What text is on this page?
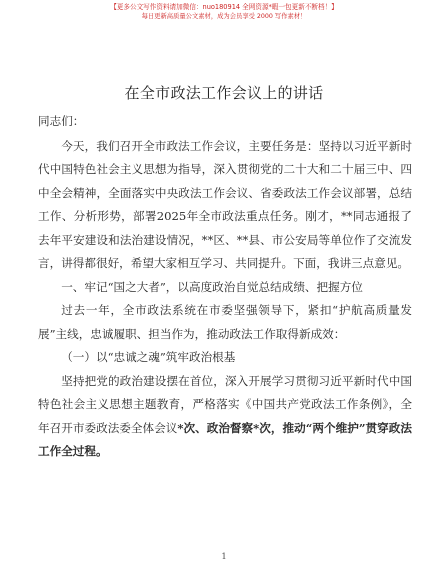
【更多公文写作资料请加微信：nuo180914 全网资源*暇一包更新不断档！】
每日更新高质量公文素材，成为会员享受 2000 写作素材！
在全市政法工作会议上的讲话

同志们：

今天，我们召开全市政法工作会议，主要任务是：坚持以习近平新时代中国特色社会主义思想为指导，深入贯彻党的二十大和二十届三中、四中全会精神，全面落实中央政法工作会议、省委政法工作会议部署，总结工作、分析形势，部署2025年全市政法重点任务。刚才，**同志通报了去年平安建设和法治建设情况，**区、**县、市公安局等单位作了交流发言，讲得都很好，希望大家相互学习、共同提升。下面，我讲三点意见。

一、牢记“国之大者”，以高度政治自觉总结成绩、把握方位

过去一年，全市政法系统在市委坚强领导下，紧扣“护航高质量发展”主线，忠诚履职、担当作为，推动政法工作取得新成效：

（一）以“忠诚之魂”筑牢政治根基

坚持把党的政治建设摆在首位，深入开展学习贯彻习近平新时代中国特色社会主义思想主题教育，严格落实《中国共产党政法工作条例》，全年召开市委政法委全体会议*次、政治督察*次，推动“两个维护”贯穿政法工作全过程。

1
